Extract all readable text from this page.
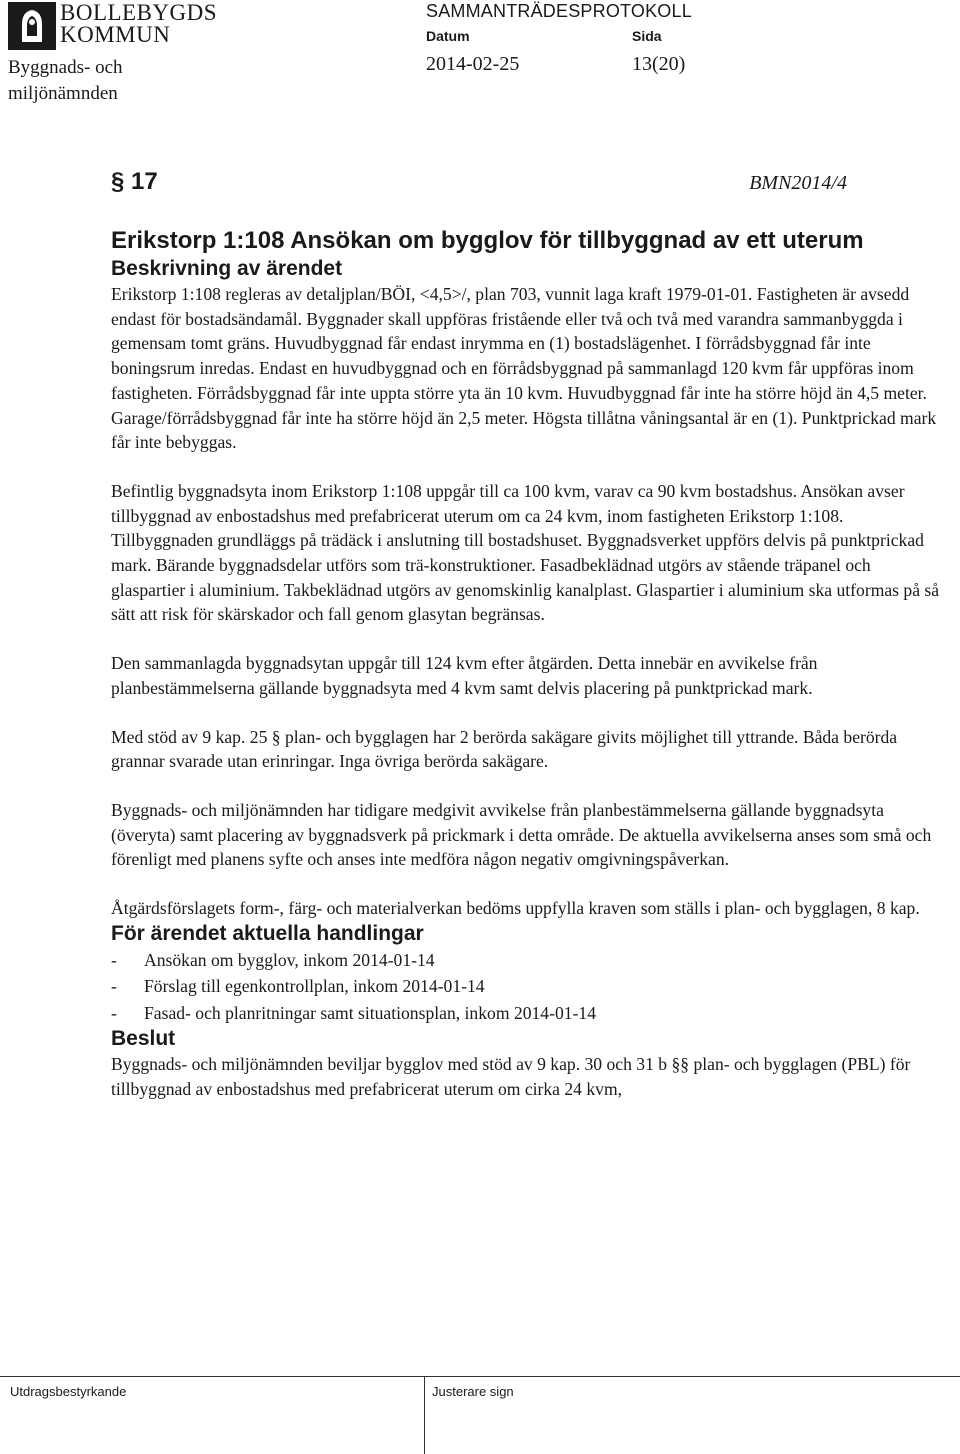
BOLLEBYGDS
KOMMUN
Byggnads- och
miljönämnden
SAMMANTRÄDESPROTOKOLL
Datum	Sida
2014-02-25	13(20)
§ 17	BMN2014/4
Erikstorp 1:108 Ansökan om bygglov för tillbyggnad av ett uterum
Beskrivning av ärendet

Erikstorp 1:108 regleras av detaljplan/BÖI, <4,5>/, plan 703, vunnit laga kraft 1979-01-01. Fastigheten är avsedd endast för bostadsändamål. Byggnader skall uppföras fristående eller två och två med varandra sammanbyggda i gemensam tomt gräns. Huvudbyggnad får endast inrymma en (1) bostadslägenhet. I förrådsbyggnad får inte boningsrum inredas. Endast en huvudbyggnad och en förrådsbyggnad på sammanlagd 120 kvm får uppföras inom fastigheten. Förrådsbyggnad får inte uppta större yta än 10 kvm. Huvudbyggnad får inte ha större höjd än 4,5 meter. Garage/förrådsbyggnad får inte ha större höjd än 2,5 meter. Högsta tillåtna våningsantal är en (1). Punktprickad mark får inte bebyggas.

Befintlig byggnadsyta inom Erikstorp 1:108 uppgår till ca 100 kvm, varav ca 90 kvm bostadshus. Ansökan avser tillbyggnad av enbostadshus med prefabricerat uterum om ca 24 kvm, inom fastigheten Erikstorp 1:108. Tillbyggnaden grundläggs på trädäck i anslutning till bostadshuset. Byggnadsverket uppförs delvis på punktprickad mark. Bärande byggnadsdelar utförs som trä-konstruktioner. Fasadbeklädnad utgörs av stående träpanel och glaspartier i aluminium. Takbeklädnad utgörs av genomskinlig kanalplast. Glaspartier i aluminium ska utformas på så sätt att risk för skärskador och fall genom glasytan begränsas.

Den sammanlagda byggnadsytan uppgår till 124 kvm efter åtgärden. Detta innebär en avvikelse från planbestämmelserna gällande byggnadsyta med 4 kvm samt delvis placering på punktprickad mark.

Med stöd av 9 kap. 25 § plan- och bygglagen har 2 berörda sakägare givits möjlighet till yttrande. Båda berörda grannar svarade utan erinringar. Inga övriga berörda sakägare.

Byggnads- och miljönämnden har tidigare medgivit avvikelse från planbestämmelserna gällande byggnadsyta (överyta) samt placering av byggnadsverk på prickmark i detta område. De aktuella avvikelserna anses som små och förenligt med planens syfte och anses inte medföra någon negativ omgivningspåverkan.

Åtgärdsförslagets form-, färg- och materialverkan bedöms uppfylla kraven som ställs i plan- och bygglagen, 8 kap.

För ärendet aktuella handlingar
- Ansökan om bygglov, inkom 2014-01-14
- Förslag till egenkontrollplan, inkom 2014-01-14
- Fasad- och planritningar samt situationsplan, inkom 2014-01-14
Beslut

Byggnads- och miljönämnden beviljar bygglov med stöd av 9 kap. 30 och 31 b §§ plan- och bygglagen (PBL) för tillbyggnad av enbostadshus med prefabricerat uterum om cirka 24 kvm,

Utdragsbestyrkande	Justerare sign
